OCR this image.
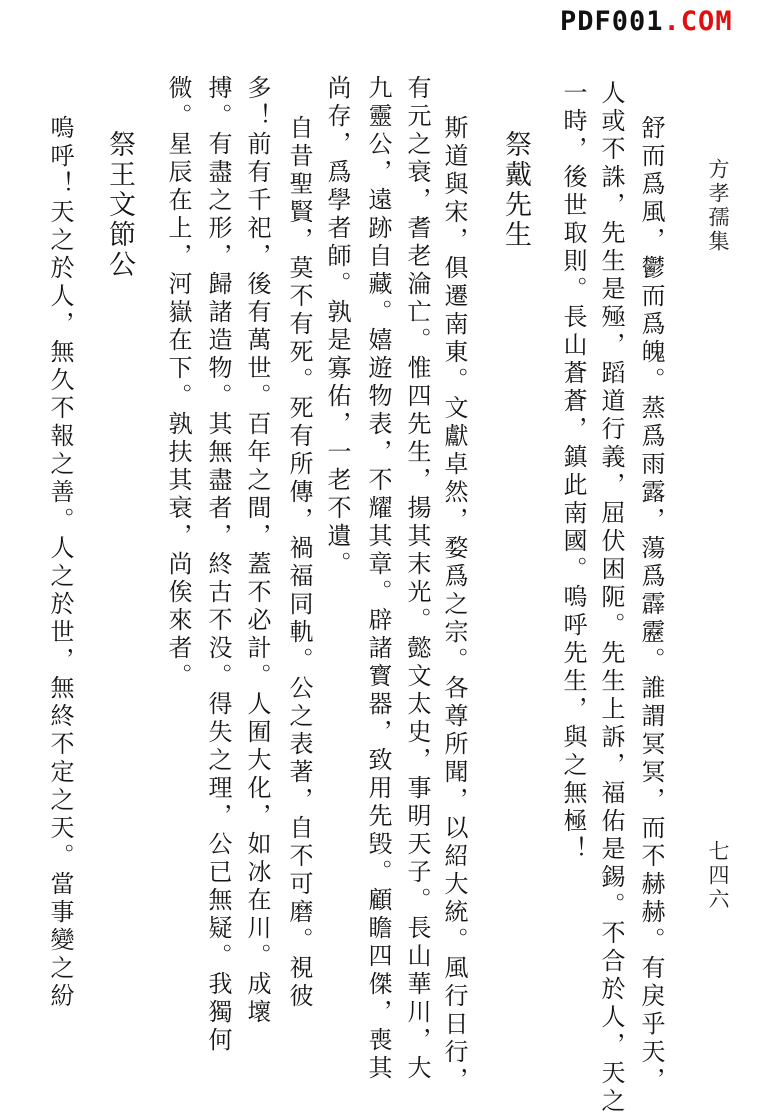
PDF001.COM
方孝孺集
七四六
舒而爲風，鬱而爲魄。蒸爲雨露，蕩爲霹靂。誰謂冥冥，而不赫赫。有戾乎天，
人或不誅，先生是殛，蹈道行義，屈伏困阨。先生上訴，福佑是錫。不合於人，天之
一時，後世取則。長山蒼蒼，鎮此南國。嗚呼先生，與之無極！
祭戴先生
斯道與宋，俱遷南東。文獻卓然，婺爲之宗。各尊所聞，以紹大統。風行日行，
有元之衰，耆老淪亡。惟四先生，揚其末光。懿文太史，事明天子。長山華川，大
九靈公，遠跡自藏。嬉遊物表，不耀其章。辟諸寳器，致用先毁。顧瞻四傑，喪其
尚存，爲學者師。孰是寡佑，一老不遺。
自昔聖賢，莫不有死。死有所傳，禍福同軌。公之表著，自不可磨。視彼
多！前有千祀，後有萬世。百年之間，蓋不必計。人囿大化，如冰在川。成壞
搏。有盡之形，歸諸造物。其無盡者，終古不没。得失之理，公已無疑。我獨何
微。星辰在上，河嶽在下。孰扶其衰，尚俟來者。
祭王文節公
嗚呼！天之於人，無久不報之善。人之於世，無終不定之天。當事變之紛
